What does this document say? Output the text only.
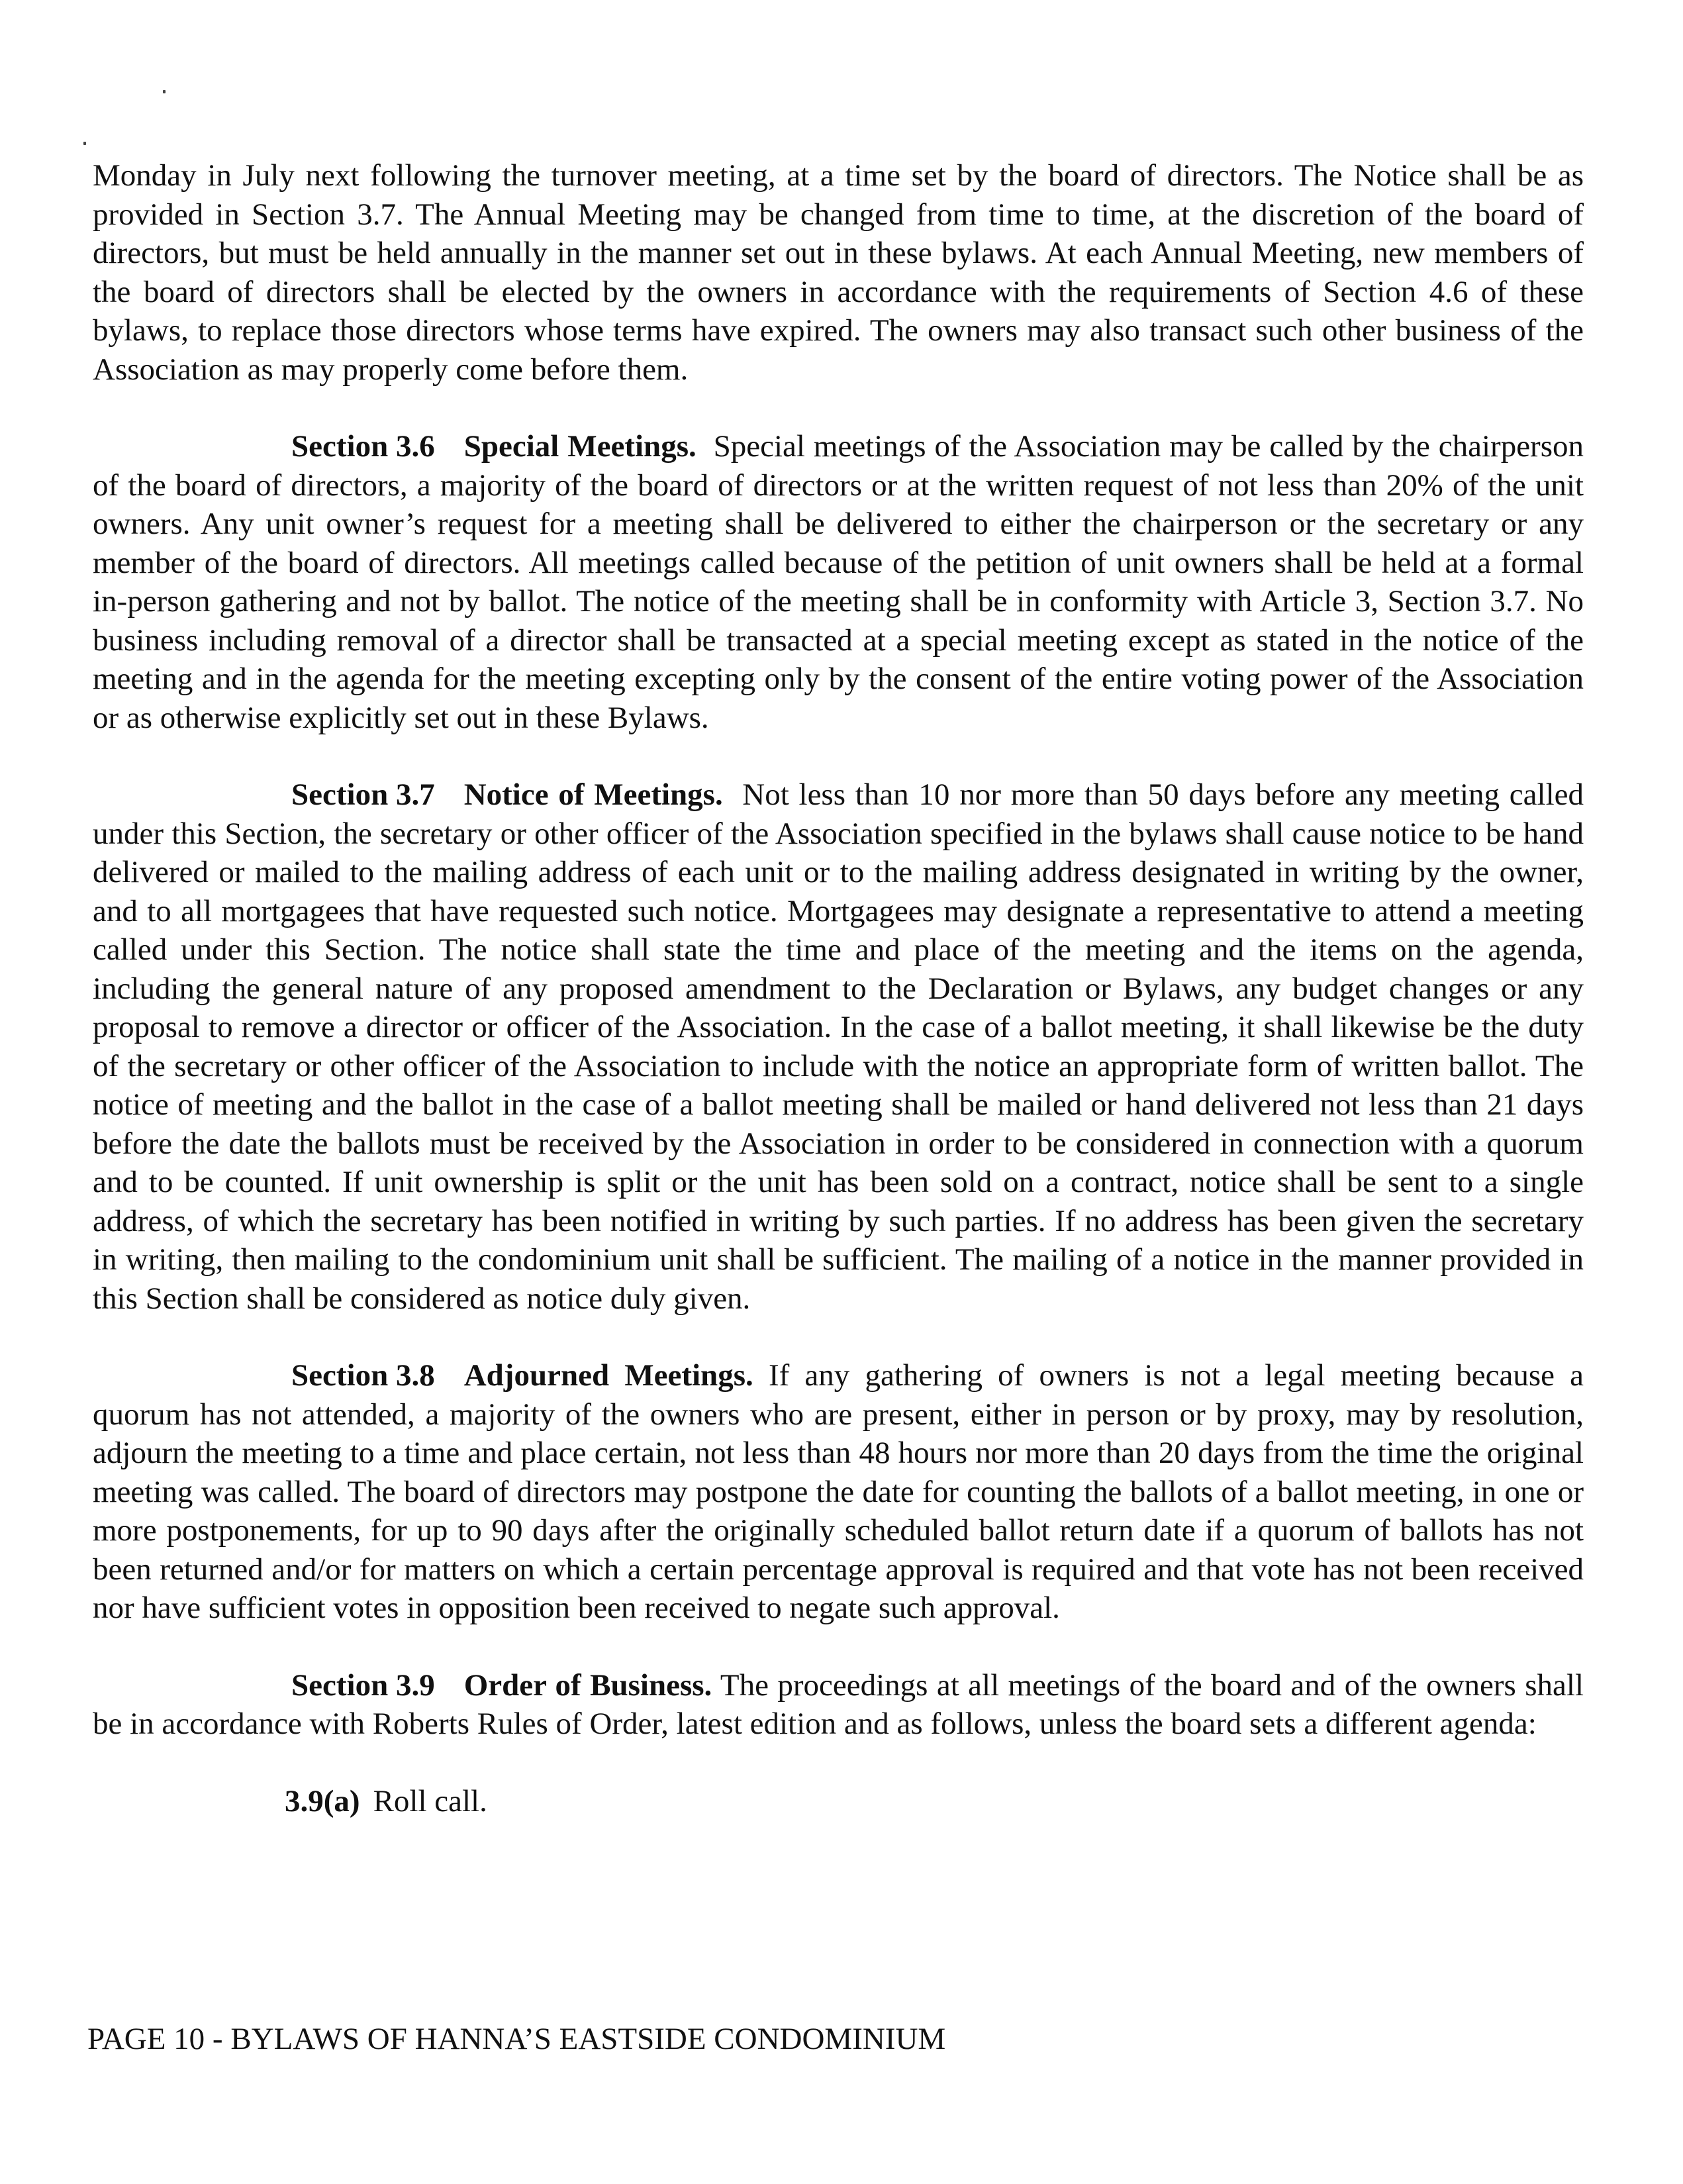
Monday in July next following the turnover meeting, at a time set by the board of directors. The Notice shall be as provided in Section 3.7. The Annual Meeting may be changed from time to time, at the discretion of the board of directors, but must be held annually in the manner set out in these bylaws. At each Annual Meeting, new members of the board of directors shall be elected by the owners in accordance with the requirements of Section 4.6 of these bylaws, to replace those directors whose terms have expired. The owners may also transact such other business of the Association as may properly come before them.

Section 3.6 Special Meetings. Special meetings of the Association may be called by the chairperson of the board of directors, a majority of the board of directors or at the written request of not less than 20% of the unit owners. Any unit owner’s request for a meeting shall be delivered to either the chairperson or the secretary or any member of the board of directors. All meetings called because of the petition of unit owners shall be held at a formal in-person gathering and not by ballot. The notice of the meeting shall be in conformity with Article 3, Section 3.7. No business including removal of a director shall be transacted at a special meeting except as stated in the notice of the meeting and in the agenda for the meeting excepting only by the consent of the entire voting power of the Association or as otherwise explicitly set out in these Bylaws.

Section 3.7 Notice of Meetings. Not less than 10 nor more than 50 days before any meeting called under this Section, the secretary or other officer of the Association specified in the bylaws shall cause notice to be hand delivered or mailed to the mailing address of each unit or to the mailing address designated in writing by the owner, and to all mortgagees that have requested such notice. Mortgagees may designate a representative to attend a meeting called under this Section. The notice shall state the time and place of the meeting and the items on the agenda, including the general nature of any proposed amendment to the Declaration or Bylaws, any budget changes or any proposal to remove a director or officer of the Association. In the case of a ballot meeting, it shall likewise be the duty of the secretary or other officer of the Association to include with the notice an appropriate form of written ballot. The notice of meeting and the ballot in the case of a ballot meeting shall be mailed or hand delivered not less than 21 days before the date the ballots must be received by the Association in order to be considered in connection with a quorum and to be counted. If unit ownership is split or the unit has been sold on a contract, notice shall be sent to a single address, of which the secretary has been notified in writing by such parties. If no address has been given the secretary in writing, then mailing to the condominium unit shall be sufficient. The mailing of a notice in the manner provided in this Section shall be considered as notice duly given.

Section 3.8 Adjourned Meetings. If any gathering of owners is not a legal meeting because a quorum has not attended, a majority of the owners who are present, either in person or by proxy, may by resolution, adjourn the meeting to a time and place certain, not less than 48 hours nor more than 20 days from the time the original meeting was called. The board of directors may postpone the date for counting the ballots of a ballot meeting, in one or more postponements, for up to 90 days after the originally scheduled ballot return date if a quorum of ballots has not been returned and/or for matters on which a certain percentage approval is required and that vote has not been received nor have sufficient votes in opposition been received to negate such approval.

Section 3.9 Order of Business. The proceedings at all meetings of the board and of the owners shall be in accordance with Roberts Rules of Order, latest edition and as follows, unless the board sets a different agenda:

3.9(a) Roll call.

PAGE 10 - BYLAWS OF HANNA’S EASTSIDE CONDOMINIUM
